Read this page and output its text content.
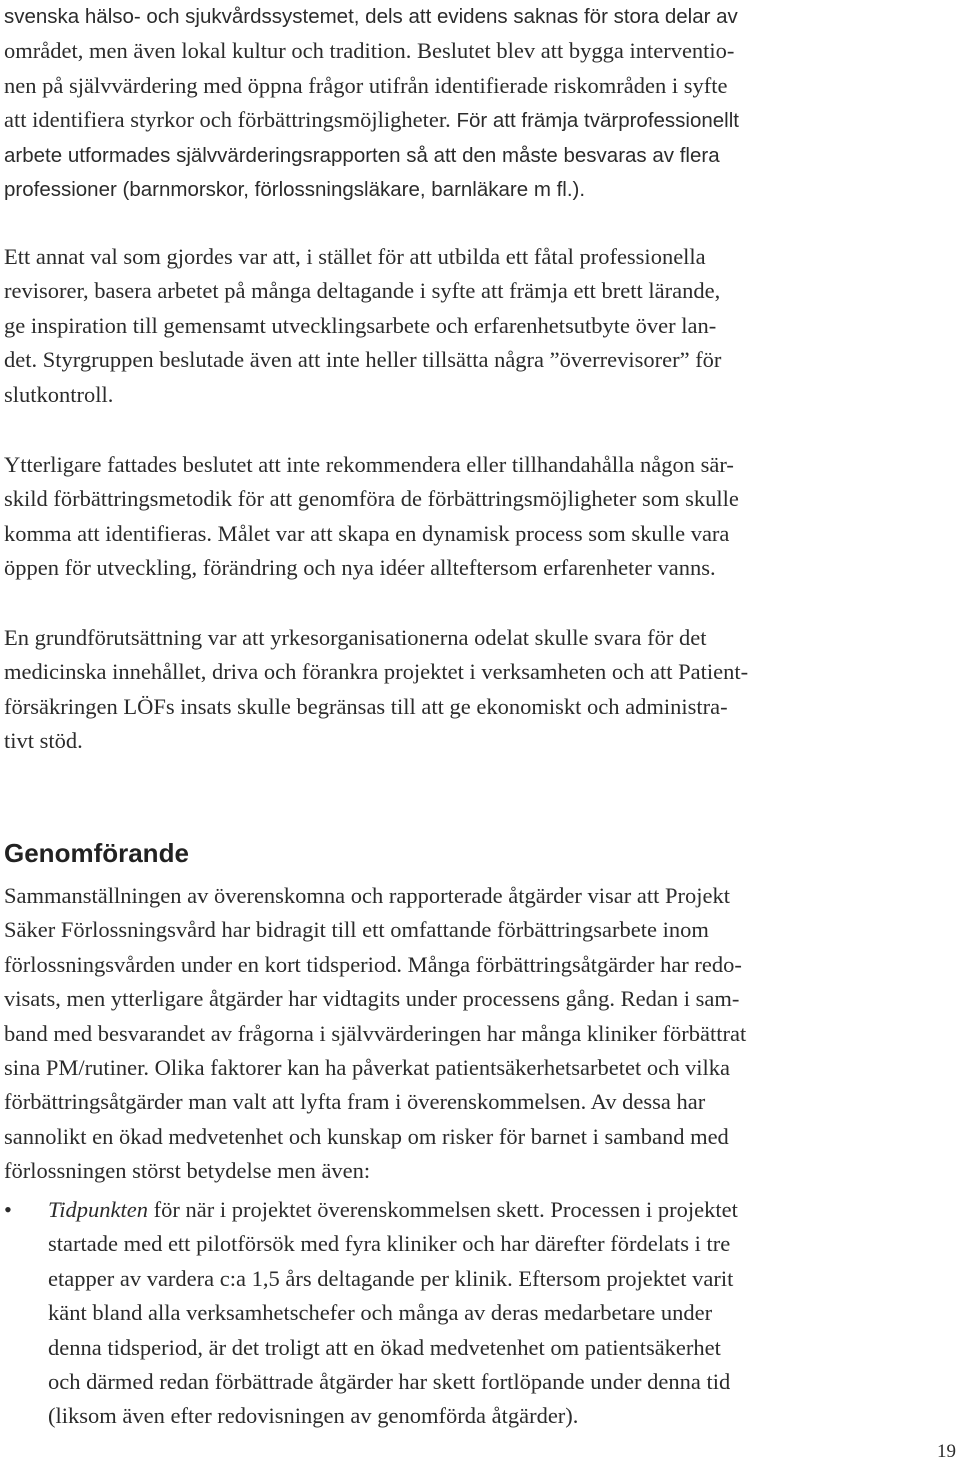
svenska hälso- och sjukvårdssystemet, dels att evidens saknas för stora delar av
området, men även lokal kultur och tradition. Beslutet blev att bygga interventio-
nen på självvärdering med öppna frågor utifrån identifierade riskområden i syfte
att identifiera styrkor och förbättringsmöjligheter. För att främja tvärprofessionellt
arbete utformades självvärderingsrapporten så att den måste besvaras av flera
professioner (barnmorskor, förlossningsläkare, barnläkare m fl.).

Ett annat val som gjordes var att, i stället för att utbilda ett fåtal professionella
revisorer, basera arbetet på många deltagande i syfte att främja ett brett lärande,
ge inspiration till gemensamt utvecklingsarbete och erfarenhetsutbyte över lan-
det. Styrgruppen beslutade även att inte heller tillsätta några ”överrevisorer” för
slutkontroll.

Ytterligare fattades beslutet att inte rekommendera eller tillhandahålla någon sär-
skild förbättringsmetodik för att genomföra de förbättringsmöjligheter som skulle
komma att identifieras. Målet var att skapa en dynamisk process som skulle vara
öppen för utveckling, förändring och nya idéer allteftersom erfarenheter vanns.

En grundförutsättning var att yrkesorganisationerna odelat skulle svara för det
medicinska innehållet, driva och förankra projektet i verksamheten och att Patient-
försäkringen LÖFs insats skulle begränsas till att ge ekonomiskt och administra-
tivt stöd.

Genomförande

Sammanställningen av överenskomna och rapporterade åtgärder visar att Projekt
Säker Förlossningsvård har bidragit till ett omfattande förbättringsarbete inom
förlossningsvården under en kort tidsperiod. Många förbättringsåtgärder har redo-
visats, men ytterligare åtgärder har vidtagits under processens gång. Redan i sam-
band med besvarandet av frågorna i självvärderingen har många kliniker förbättrat
sina PM/rutiner. Olika faktorer kan ha påverkat patientsäkerhetsarbetet och vilka
förbättringsåtgärder man valt att lyfta fram i överenskommelsen. Av dessa har
sannolikt en ökad medvetenhet och kunskap om risker för barnet i samband med
förlossningen störst betydelse men även:

• Tidpunkten för när i projektet överenskommelsen skett. Processen i projektet
startade med ett pilotförsök med fyra kliniker och har därefter fördelats i tre
etapper av vardera c:a 1,5 års deltagande per klinik. Eftersom projektet varit
känt bland alla verksamhetschefer och många av deras medarbetare under
denna tidsperiod, är det troligt att en ökad medvetenhet om patientsäkerhet
och därmed redan förbättrade åtgärder har skett fortlöpande under denna tid
(liksom även efter redovisningen av genomförda åtgärder).
19
